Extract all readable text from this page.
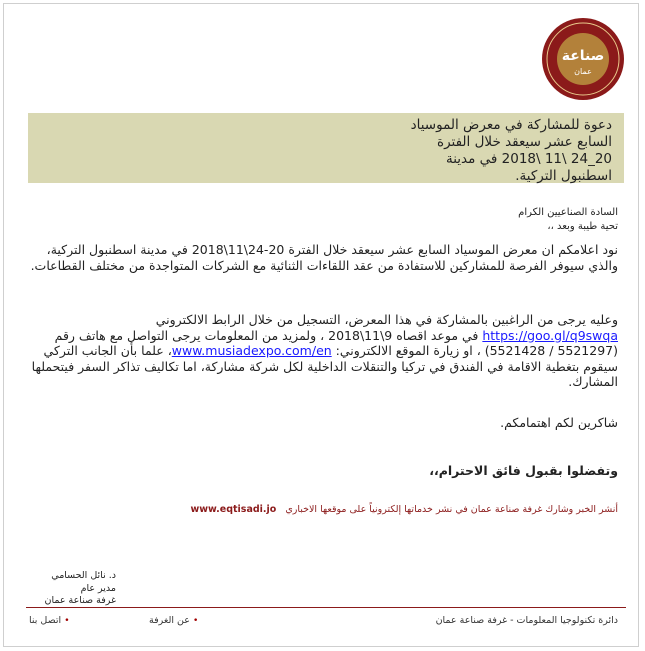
صناعة
عمان
دعوة للمشاركة في معرض الموسياد
السابع عشر سيعقد خلال الفترة
20_24 \11 \2018 في مدينة
اسطنبول التركية.
السادة الصناعيين الكرام
تحية طيبة وبعد ،،
نود اعلامكم ان معرض الموسياد السابع عشر سيعقد خلال الفترة 20-24\11\2018 في مدينة اسطنبول التركية، والذي سيوفر الفرصة للمشاركين للاستفادة من عقد اللقاءات الثنائية مع الشركات المتواجدة من مختلف القطاعات.
وعليه يرجى من الراغبين بالمشاركة في هذا المعرض، التسجيل من خلال الرابط الالكتروني https://goo.gl/q9swqa في موعد اقصاه 9\11\2018 ، ولمزيد من المعلومات يرجى التواصل مع هاتف رقم (5521297 / 5521428) ، او زيارة الموقع الالكتروني: www.musiadexpo.com/en، علما بأن الجانب التركي سيقوم بتغطية الاقامة في الفندق في تركيا والتنقلات الداخلية لكل شركة مشاركة، اما تكاليف تذاكر السفر فيتحملها المشارك.
شاكرين لكم اهتمامكم.
وتفضلوا بقبول فائق الاحترام،،
أنشر الخبر وشارك غرفة صناعة عمان في نشر خدماتها إلكترونياً على موقعها الاخباري www.eqtisadi.jo
د. نائل الحسامي
مدير عام
غرفة صناعة عمان
دائرة تكنولوجيا المعلومات - غرفة صناعة عمان
• عن الغرفة
• اتصل بنا
